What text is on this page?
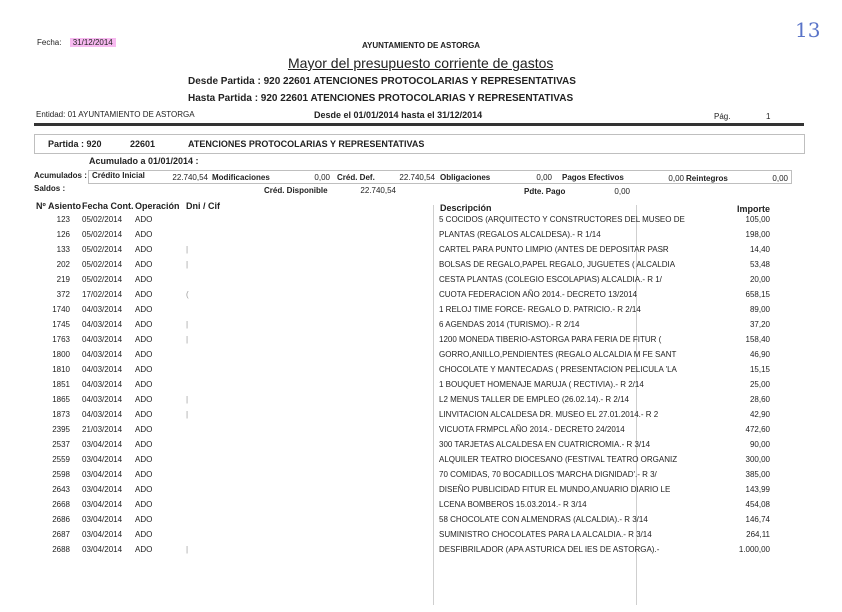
Fecha: 31/12/2014	AYUNTAMIENTO DE ASTORGA
13
Mayor del presupuesto corriente de gastos
Desde Partida : 920 22601 ATENCIONES PROTOCOLARIAS Y REPRESENTATIVAS
Hasta Partida : 920 22601 ATENCIONES PROTOCOLARIAS Y REPRESENTATIVAS
Entidad: 01 AYUNTAMIENTO DE ASTORGA	Desde el 01/01/2014 hasta el 31/12/2014	Pág.	1
Partida : 920	22601	ATENCIONES PROTOCOLARIAS Y REPRESENTATIVAS
Acumulado a 01/01/2014 :
Acumulados :
Saldos :
Crédito Inicial	22.740,54 Modificaciones	0,00 Créd. Def.	22.740,54 Obligaciones	0,00 Pagos Efectivos	0,00 Reintegros	0,00
Créd. Disponible	22.740,54	Pdte. Pago	0,00
Nº Asiento Fecha Cont. Operación Dni / Cif	Descripción	Importe
123 05/02/2014 ADO	5 COCIDOS (ARQUITECTO Y CONSTRUCTORES DEL MUSEO DE	105,00
126 05/02/2014 ADO	PLANTAS (REGALOS ALCALDESA).- R 1/14	198,00
133 05/02/2014 ADO	|	CARTEL PARA PUNTO LIMPIO (ANTES DE DEPOSITAR PASR	14,40
202 05/02/2014 ADO	|	BOLSAS DE REGALO,PAPEL REGALO, JUGUETES ( ALCALDIA	53,48
219 05/02/2014 ADO	CESTA PLANTAS (COLEGIO ESCOLAPIAS) ALCALDIA.- R 1/	20,00
372 17/02/2014 ADO	(	CUOTA FEDERACION AÑO 2014.- DECRETO 13/2014	658,15
1740 04/03/2014 ADO	1 RELOJ TIME FORCE- REGALO D. PATRICIO.- R 2/14	89,00
1745 04/03/2014 ADO	|	6 AGENDAS 2014 (TURISMO).- R 2/14	37,20
1763 04/03/2014 ADO	|	1200 MONEDA TIBERIO-ASTORGA PARA FERIA DE FITUR (	158,40
1800 04/03/2014 ADO	GORRO,ANILLO,PENDIENTES (REGALO ALCALDIA M FE SANT	46,90
1810 04/03/2014 ADO	CHOCOLATE Y MANTECADAS ( PRESENTACION PELICULA 'LA	15,15
1851 04/03/2014 ADO	1 BOUQUET HOMENAJE MARUJA ( RECTIVIA).- R 2/14	25,00
1865 04/03/2014 ADO	|	L2 MENUS TALLER DE EMPLEO (26.02.14).- R 2/14	28,60
1873 04/03/2014 ADO	|	LINVITACION ALCALDESA DR. MUSEO EL 27.01.2014.- R 2	42,90
2395 21/03/2014 ADO	VICUOTA FRMPCL AÑO 2014.- DECRETO 24/2014	472,60
2537 03/04/2014 ADO	300 TARJETAS ALCALDESA EN CUATRICROMIA.- R 3/14	90,00
2559 03/04/2014 ADO	ALQUILER TEATRO DIOCESANO (FESTIVAL TEATRO ORGANIZ	300,00
2598 03/04/2014 ADO	70 COMIDAS, 70 BOCADILLOS 'MARCHA DIGNIDAD'.- R 3/	385,00
2643 03/04/2014 ADO	DISEÑO PUBLICIDAD FITUR EL MUNDO,ANUARIO DIARIO LE	143,99
2668 03/04/2014 ADO	LCENA BOMBEROS 15.03.2014.- R 3/14	454,08
2686 03/04/2014 ADO	58 CHOCOLATE CON ALMENDRAS (ALCALDIA).- R 3/14	146,74
2687 03/04/2014 ADO	SUMINISTRO CHOCOLATES PARA LA ALCALDIA.- R 3/14	264,11
2688 03/04/2014 ADO	|	DESFIBRILADOR (APA ASTURICA DEL IES DE ASTORGA).-	1.000,00
